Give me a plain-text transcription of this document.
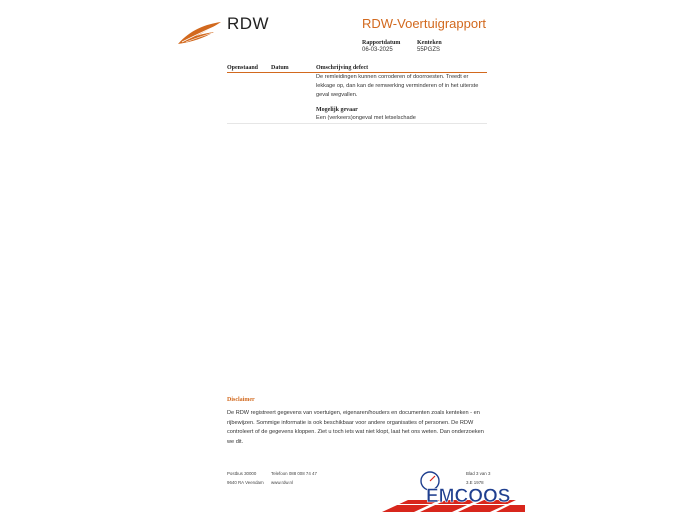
RDW	RDW-Voertuigrapport
Rapportdatum
06-03-2025
Kenteken
55PGZS
Openstaand Datum	Omschrijving defect
De remleidingen kunnen corroderen of doorroesten. Treedt er lekkage op, dan kan de remwerking verminderen of in het uiterste geval wegvallen.
Mogelijk gevaar
Een (verkeers)ongeval met letselschade
Disclaimer
De RDW registreert gegevens van voertuigen, eigenaren/houders en documenten zoals kenteken - en rijbewijzen. Sommige informatie is ook beschikbaar voor andere organisaties of personen. De RDW controleert of de gegevens kloppen. Ziet u toch iets wat niet klopt, laat het ons weten. Dan onderzoeken we dit.
Postbus 30000
9640 RA Veendam
Telefoon 088 008 74 47
www.rdw.nl
Blad 3 van 3
3.E 1978
EMCOOS
